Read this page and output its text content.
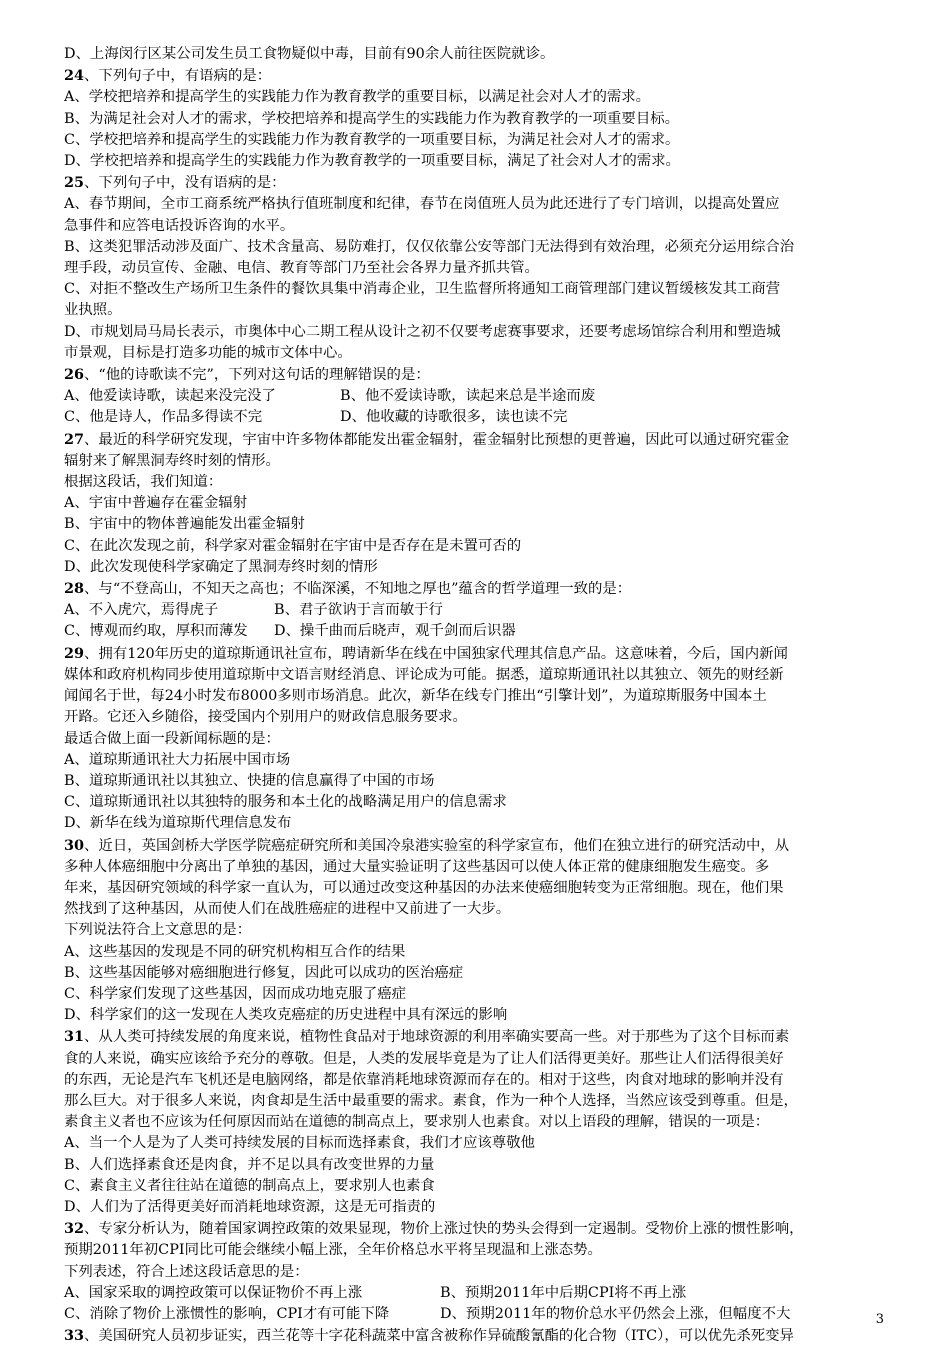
D、上海闵行区某公司发生员工食物疑似中毒，目前有90余人前往医院就诊。
24、下列句子中，有语病的是：
A、学校把培养和提高学生的实践能力作为教育教学的重要目标，以满足社会对人才的需求。
B、为满足社会对人才的需求，学校把培养和提高学生的实践能力作为教育教学的一项重要目标。
C、学校把培养和提高学生的实践能力作为教育教学的一项重要目标，为满足社会对人才的需求。
D、学校把培养和提高学生的实践能力作为教育教学的一项重要目标，满足了社会对人才的需求。
25、下列句子中，没有语病的是：
A、春节期间，全市工商系统严格执行值班制度和纪律，春节在岗值班人员为此还进行了专门培训，以提高处置应
急事件和应答电话投诉咨询的水平。
B、这类犯罪活动涉及面广、技术含量高、易防难打，仅仅依靠公安等部门无法得到有效治理，必须充分运用综合治
理手段，动员宣传、金融、电信、教育等部门乃至社会各界力量齐抓共管。
C、对拒不整改生产场所卫生条件的餐饮具集中消毒企业，卫生监督所将通知工商管理部门建议暂缓核发其工商营
业执照。
D、市规划局马局长表示，市奥体中心二期工程从设计之初不仅要考虑赛事要求，还要考虑场馆综合利用和塑造城
市景观，目标是打造多功能的城市文体中心。
26、“他的诗歌读不完”，下列对这句话的理解错误的是：
A、他爱读诗歌，读起来没完没了	B、他不爱读诗歌，读起来总是半途而废
C、他是诗人，作品多得读不完	D、他收藏的诗歌很多，读也读不完
27、最近的科学研究发现，宇宙中许多物体都能发出霍金辐射，霍金辐射比预想的更普遍，因此可以通过研究霍金
辐射来了解黑洞寿终时刻的情形。
根据这段话，我们知道：
A、宇宙中普遍存在霍金辐射
B、宇宙中的物体普遍能发出霍金辐射
C、在此次发现之前，科学家对霍金辐射在宇宙中是否存在是未置可否的
D、此次发现使科学家确定了黑洞寿终时刻的情形
28、与“不登高山，不知天之高也；不临深溪，不知地之厚也”蕴含的哲学道理一致的是：
A、不入虎穴，焉得虎子	B、君子欲讷于言而敏于行
C、博观而约取，厚积而薄发	D、操千曲而后晓声，观千剑而后识器
29、拥有120年历史的道琼斯通讯社宣布，聘请新华在线在中国独家代理其信息产品。这意味着，今后，国内新闻
媒体和政府机构同步使用道琼斯中文语言财经消息、评论成为可能。据悉，道琼斯通讯社以其独立、领先的财经新
闻闻名于世，每24小时发布8000多则市场消息。此次，新华在线专门推出“引擎计划”，为道琼斯服务中国本土
开路。它还入乡随俗，接受国内个别用户的财政信息服务要求。
最适合做上面一段新闻标题的是：
A、道琼斯通讯社大力拓展中国市场
B、道琼斯通讯社以其独立、快捷的信息赢得了中国的市场
C、道琼斯通讯社以其独特的服务和本土化的战略满足用户的信息需求
D、新华在线为道琼斯代理信息发布
30、近日，英国剑桥大学医学院癌症研究所和美国冷泉港实验室的科学家宣布，他们在独立进行的研究活动中，从
多种人体癌细胞中分离出了单独的基因，通过大量实验证明了这些基因可以使人体正常的健康细胞发生癌变。多
年来，基因研究领域的科学家一直认为，可以通过改变这种基因的办法来使癌细胞转变为正常细胞。现在，他们果
然找到了这种基因，从而使人们在战胜癌症的进程中又前进了一大步。
下列说法符合上文意思的是：
A、这些基因的发现是不同的研究机构相互合作的结果
B、这些基因能够对癌细胞进行修复，因此可以成功的医治癌症
C、科学家们发现了这些基因，因而成功地克服了癌症
D、科学家们的这一发现在人类攻克癌症的历史进程中具有深远的影响
31、从人类可持续发展的角度来说，植物性食品对于地球资源的利用率确实要高一些。对于那些为了这个目标而素
食的人来说，确实应该给予充分的尊敬。但是，人类的发展毕竟是为了让人们活得更美好。那些让人们活得很美好
的东西，无论是汽车飞机还是电脑网络，都是依靠消耗地球资源而存在的。相对于这些，肉食对地球的影响并没有
那么巨大。对于很多人来说，肉食却是生活中最重要的需求。素食，作为一种个人选择，当然应该受到尊重。但是，
素食主义者也不应该为任何原因而站在道德的制高点上，要求别人也素食。对以上语段的理解，错误的一项是：
A、当一个人是为了人类可持续发展的目标而选择素食，我们才应该尊敬他
B、人们选择素食还是肉食，并不足以具有改变世界的力量
C、素食主义者往往站在道德的制高点上，要求别人也素食
D、人们为了活得更美好而消耗地球资源，这是无可指责的
32、专家分析认为，随着国家调控政策的效果显现，物价上涨过快的势头会得到一定遏制。受物价上涨的惯性影响，
预期2011年初CPI同比可能会继续小幅上涨，全年价格总水平将呈现温和上涨态势。
下列表述，符合上述这段话意思的是：
A、国家采取的调控政策可以保证物价不再上涨	B、预期2011年中后期CPI将不再上涨
C、消除了物价上涨惯性的影响，CPI才有可能下降	D、预期2011年的物价总水平仍然会上涨，但幅度不大
33、美国研究人员初步证实，西兰花等十字花科蔬菜中富含被称作异硫酸氰酯的化合物（ITC），可以优先杀死变异
3
